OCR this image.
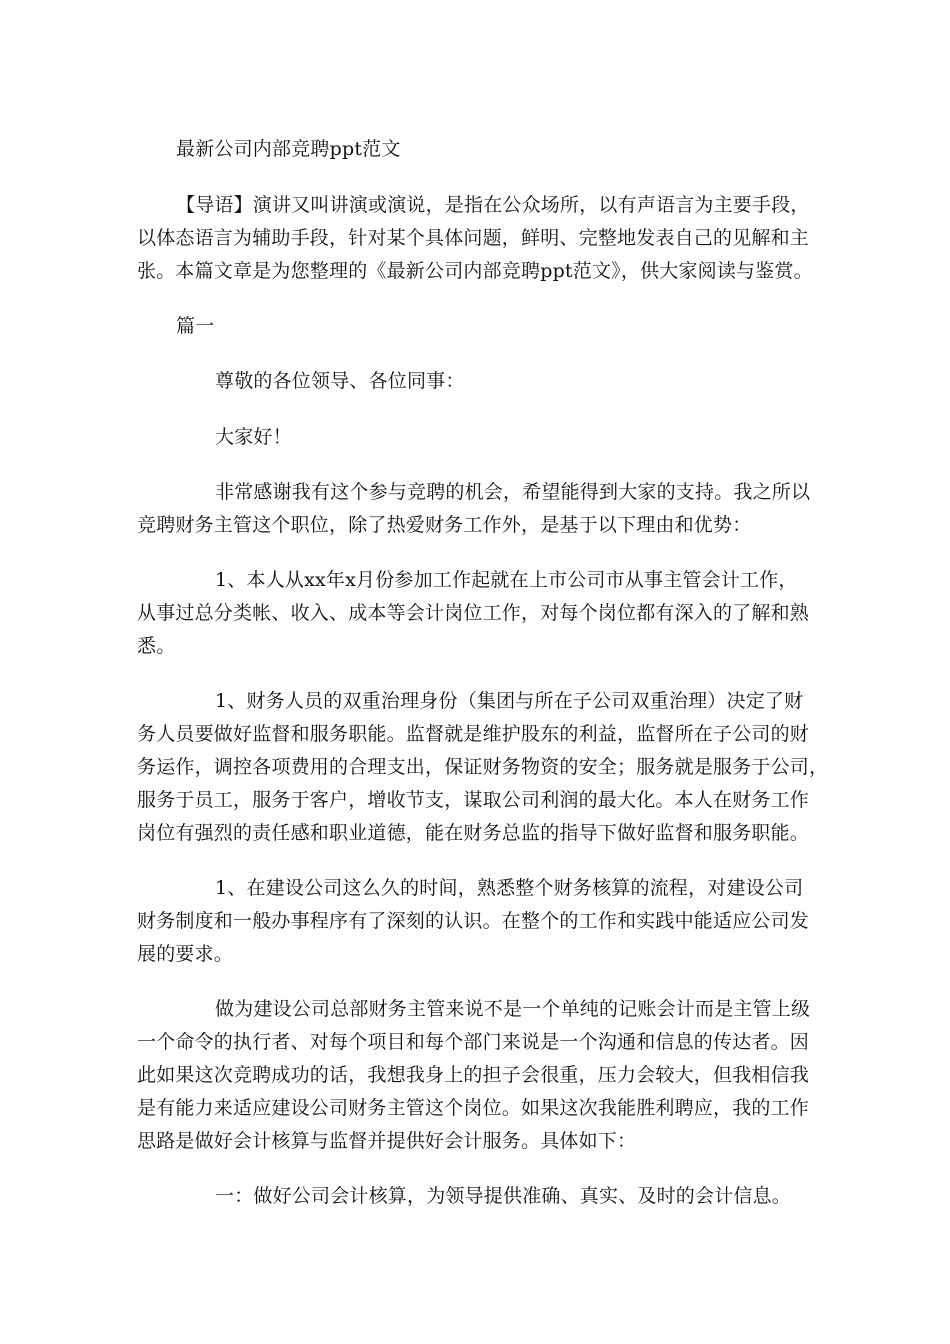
最新公司内部竞聘ppt范文
【导语】演讲又叫讲演或演说，是指在公众场所，以有声语言为主要手段，
以体态语言为辅助手段，针对某个具体问题，鲜明、完整地发表自己的见解和主
张。本篇文章是为您整理的《最新公司内部竞聘ppt范文》，供大家阅读与鉴赏。
篇一
尊敬的各位领导、各位同事：
大家好！
非常感谢我有这个参与竞聘的机会，希望能得到大家的支持。我之所以
竞聘财务主管这个职位，除了热爱财务工作外，是基于以下理由和优势：
1、本人从xx年x月份参加工作起就在上市公司市从事主管会计工作，
从事过总分类帐、收入、成本等会计岗位工作，对每个岗位都有深入的了解和熟
悉。
1、财务人员的双重治理身份（集团与所在子公司双重治理）决定了财
务人员要做好监督和服务职能。监督就是维护股东的利益，监督所在子公司的财
务运作，调控各项费用的合理支出，保证财务物资的安全；服务就是服务于公司，
服务于员工，服务于客户，增收节支，谋取公司利润的最大化。本人在财务工作
岗位有强烈的责任感和职业道德，能在财务总监的指导下做好监督和服务职能。
1、在建设公司这么久的时间，熟悉整个财务核算的流程，对建设公司
财务制度和一般办事程序有了深刻的认识。在整个的工作和实践中能适应公司发
展的要求。
做为建设公司总部财务主管来说不是一个单纯的记账会计而是主管上级
一个命令的执行者、对每个项目和每个部门来说是一个沟通和信息的传达者。因
此如果这次竞聘成功的话，我想我身上的担子会很重，压力会较大，但我相信我
是有能力来适应建设公司财务主管这个岗位。如果这次我能胜利聘应，我的工作
思路是做好会计核算与监督并提供好会计服务。具体如下：
一：做好公司会计核算，为领导提供准确、真实、及时的会计信息。
